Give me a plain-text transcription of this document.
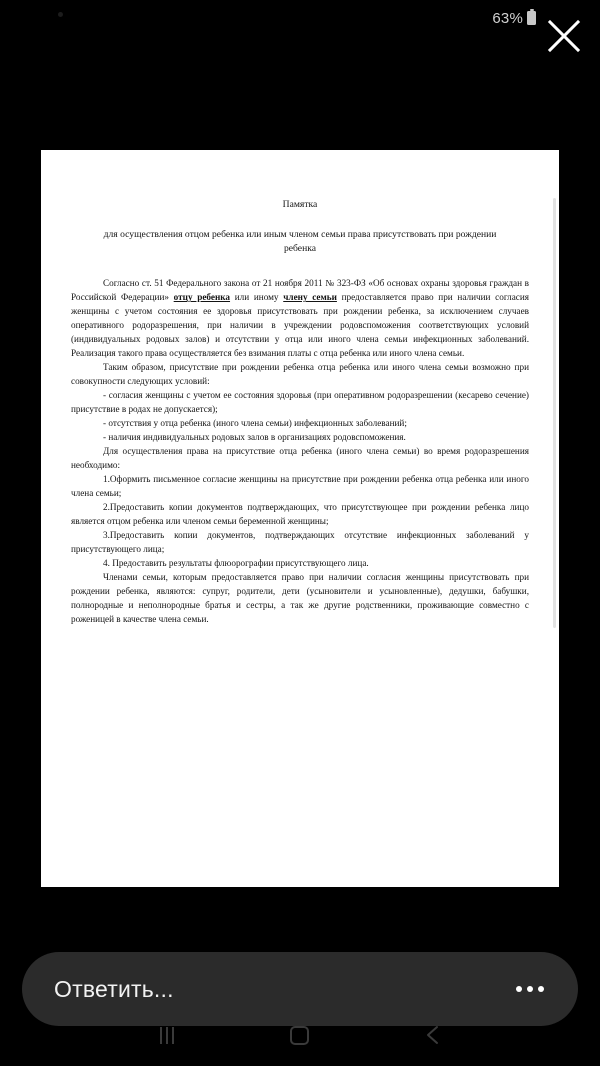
63%
Памятка
для осуществления отцом ребенка или иным членом семьи права присутствовать при рождении ребенка

Согласно ст. 51 Федерального закона от 21 ноября 2011 № 323-ФЗ «Об основах охраны здоровья граждан в Российской Федерации» отцу ребенка или иному члену семьи предоставляется право при наличии согласия женщины с учетом состояния ее здоровья присутствовать при рождении ребенка, за исключением случаев оперативного родоразрешения, при наличии в учреждении родовспоможения соответствующих условий (индивидуальных родовых залов) и отсутствии у отца или иного члена семьи инфекционных заболеваний. Реализация такого права осуществляется без взимания платы с отца ребенка или иного члена семьи.

Таким образом, присутствие при рождении ребенка отца ребенка или иного члена семьи возможно при совокупности следующих условий:

- согласия женщины с учетом ее состояния здоровья (при оперативном родоразрешении (кесарево сечение) присутствие в родах не допускается);

- отсутствия у отца ребенка (иного члена семьи) инфекционных заболеваний;

- наличия индивидуальных родовых залов в организациях родовспоможения.

Для осуществления права на присутствие отца ребенка (иного члена семьи) во время родоразрешения необходимо:

1.Оформить письменное согласие женщины на присутствие при рождении ребенка отца ребенка или иного члена семьи;

2.Предоставить копии документов подтверждающих, что присутствующее при рождении ребенка лицо является отцом ребенка или членом семьи беременной женщины;

3.Предоставить копии документов, подтверждающих отсутствие инфекционных заболеваний у присутствующего лица;

4. Предоставить результаты флюорографии присутствующего лица.

Членами семьи, которым предоставляется право при наличии согласия женщины присутствовать при рождении ребенка, являются: супруг, родители, дети (усыновители и усыновленные), дедушки, бабушки, полнородные и неполнородные братья и сестры, а так же другие родственники, проживающие совместно с роженицей в качестве члена семьи.

Ответить...
